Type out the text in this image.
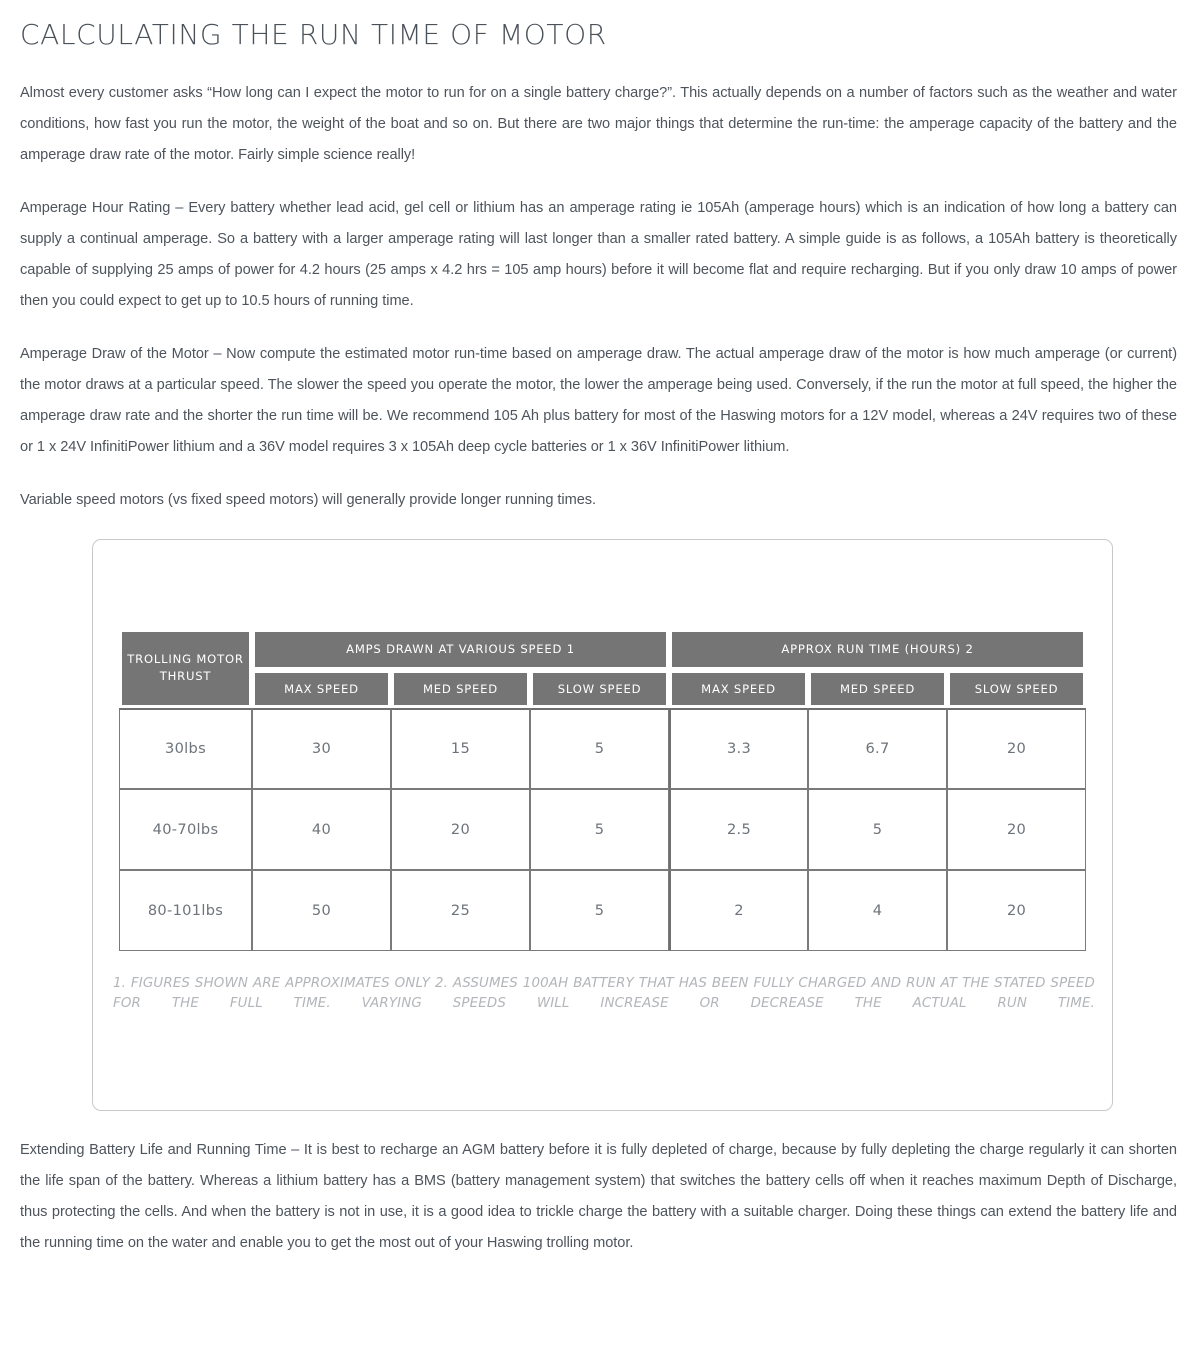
CALCULATING THE RUN TIME OF MOTOR

Almost every customer asks “How long can I expect the motor to run for on a single battery charge?”. This actually depends on a number of factors such as the weather and water conditions, how fast you run the motor, the weight of the boat and so on. But there are two major things that determine the run-time: the amperage capacity of the battery and the amperage draw rate of the motor. Fairly simple science really!

Amperage Hour Rating – Every battery whether lead acid, gel cell or lithium has an amperage rating ie 105Ah (amperage hours) which is an indication of how long a battery can supply a continual amperage. So a battery with a larger amperage rating will last longer than a smaller rated battery. A simple guide is as follows, a 105Ah battery is theoretically capable of supplying 25 amps of power for 4.2 hours (25 amps x 4.2 hrs = 105 amp hours) before it will become flat and require recharging. But if you only draw 10 amps of power then you could expect to get up to 10.5 hours of running time.

Amperage Draw of the Motor – Now compute the estimated motor run-time based on amperage draw. The actual amperage draw of the motor is how much amperage (or current) the motor draws at a particular speed. The slower the speed you operate the motor, the lower the amperage being used. Conversely, if the run the motor at full speed, the higher the amperage draw rate and the shorter the run time will be. We recommend 105 Ah plus battery for most of the Haswing motors for a 12V model, whereas a 24V requires two of these or 1 x 24V InfinitiPower lithium and a 36V model requires 3 x 105Ah deep cycle batteries or 1 x 36V InfinitiPower lithium.

Variable speed motors (vs fixed speed motors) will generally provide longer running times.

TROLLING MOTOR THRUST	AMPS DRAWN AT VARIOUS SPEED 1			APPROX RUN TIME (HOURS) 2		
	MAX SPEED	MED SPEED	SLOW SPEED	MAX SPEED	MED SPEED	SLOW SPEED
30lbs	30	15	5	3.3	6.7	20
40-70lbs	40	20	5	2.5	5	20
80-101lbs	50	25	5	2	4	20
1. FIGURES SHOWN ARE APPROXIMATES ONLY 2. ASSUMES 100AH BATTERY THAT HAS BEEN FULLY CHARGED AND RUN AT THE STATED SPEED FOR THE FULL TIME. VARYING SPEEDS WILL INCREASE OR DECREASE THE ACTUAL RUN TIME.

Extending Battery Life and Running Time – It is best to recharge an AGM battery before it is fully depleted of charge, because by fully depleting the charge regularly it can shorten the life span of the battery. Whereas a lithium battery has a BMS (battery management system) that switches the battery cells off when it reaches maximum Depth of Discharge, thus protecting the cells. And when the battery is not in use, it is a good idea to trickle charge the battery with a suitable charger. Doing these things can extend the battery life and the running time on the water and enable you to get the most out of your Haswing trolling motor.
